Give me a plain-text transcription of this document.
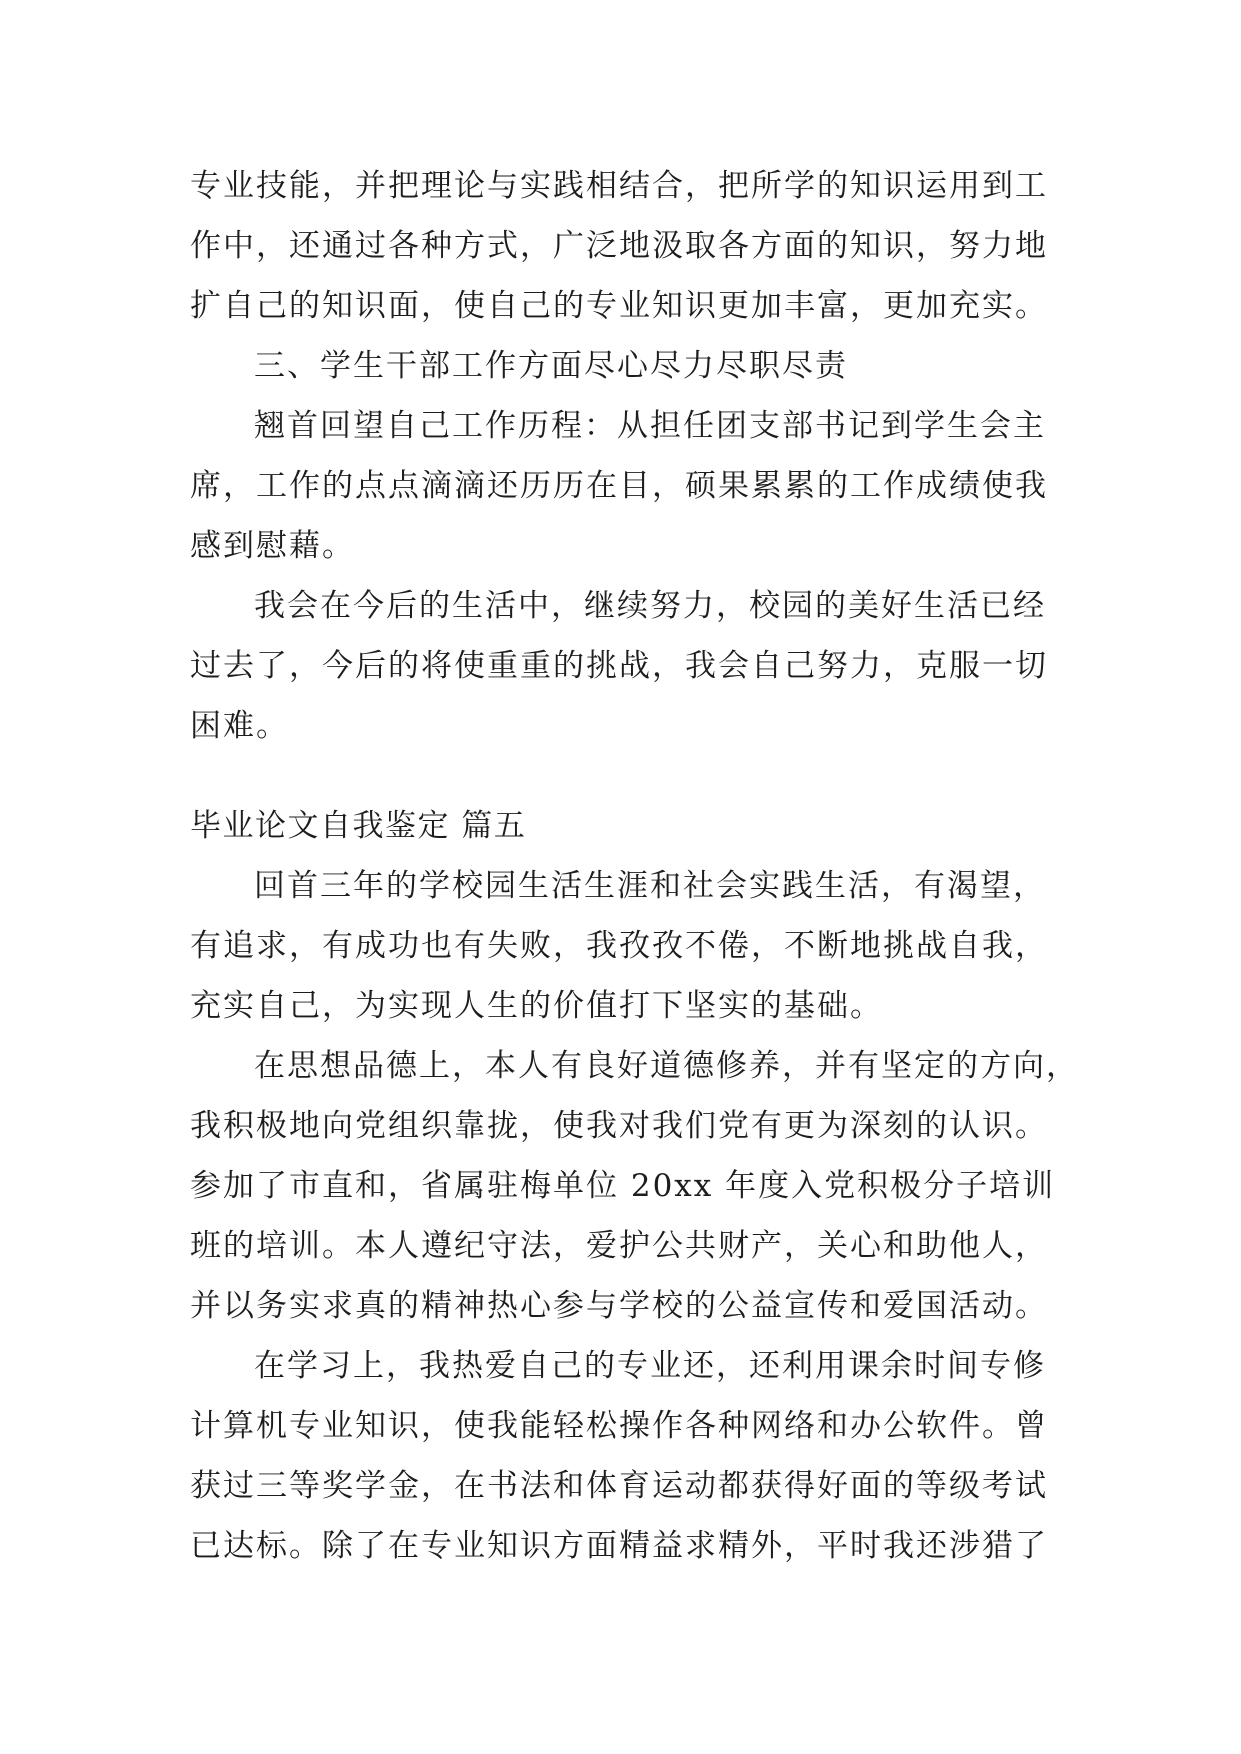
专业技能，并把理论与实践相结合，把所学的知识运用到工

作中，还通过各种方式，广泛地汲取各方面的知识，努力地

扩自己的知识面，使自己的专业知识更加丰富，更加充实。

三、学生干部工作方面尽心尽力尽职尽责

翘首回望自己工作历程：从担任团支部书记到学生会主

席，工作的点点滴滴还历历在目，硕果累累的工作成绩使我

感到慰藉。

我会在今后的生活中，继续努力，校园的美好生活已经

过去了，今后的将使重重的挑战，我会自己努力，克服一切

困难。

毕业论文自我鉴定 篇五

回首三年的学校园生活生涯和社会实践生活，有渴望，

有追求，有成功也有失败，我孜孜不倦，不断地挑战自我，

充实自己，为实现人生的价值打下坚实的基础。

在思想品德上，本人有良好道德修养，并有坚定的方向，

我积极地向党组织靠拢，使我对我们党有更为深刻的认识。

参加了市直和，省属驻梅单位 20xx 年度入党积极分子培训

班的培训。本人遵纪守法，爱护公共财产，关心和助他人，

并以务实求真的精神热心参与学校的公益宣传和爱国活动。

在学习上，我热爱自己的专业还，还利用课余时间专修

计算机专业知识，使我能轻松操作各种网络和办公软件。曾

获过三等奖学金，在书法和体育运动都获得好面的等级考试

已达标。除了在专业知识方面精益求精外，平时我还涉猎了
